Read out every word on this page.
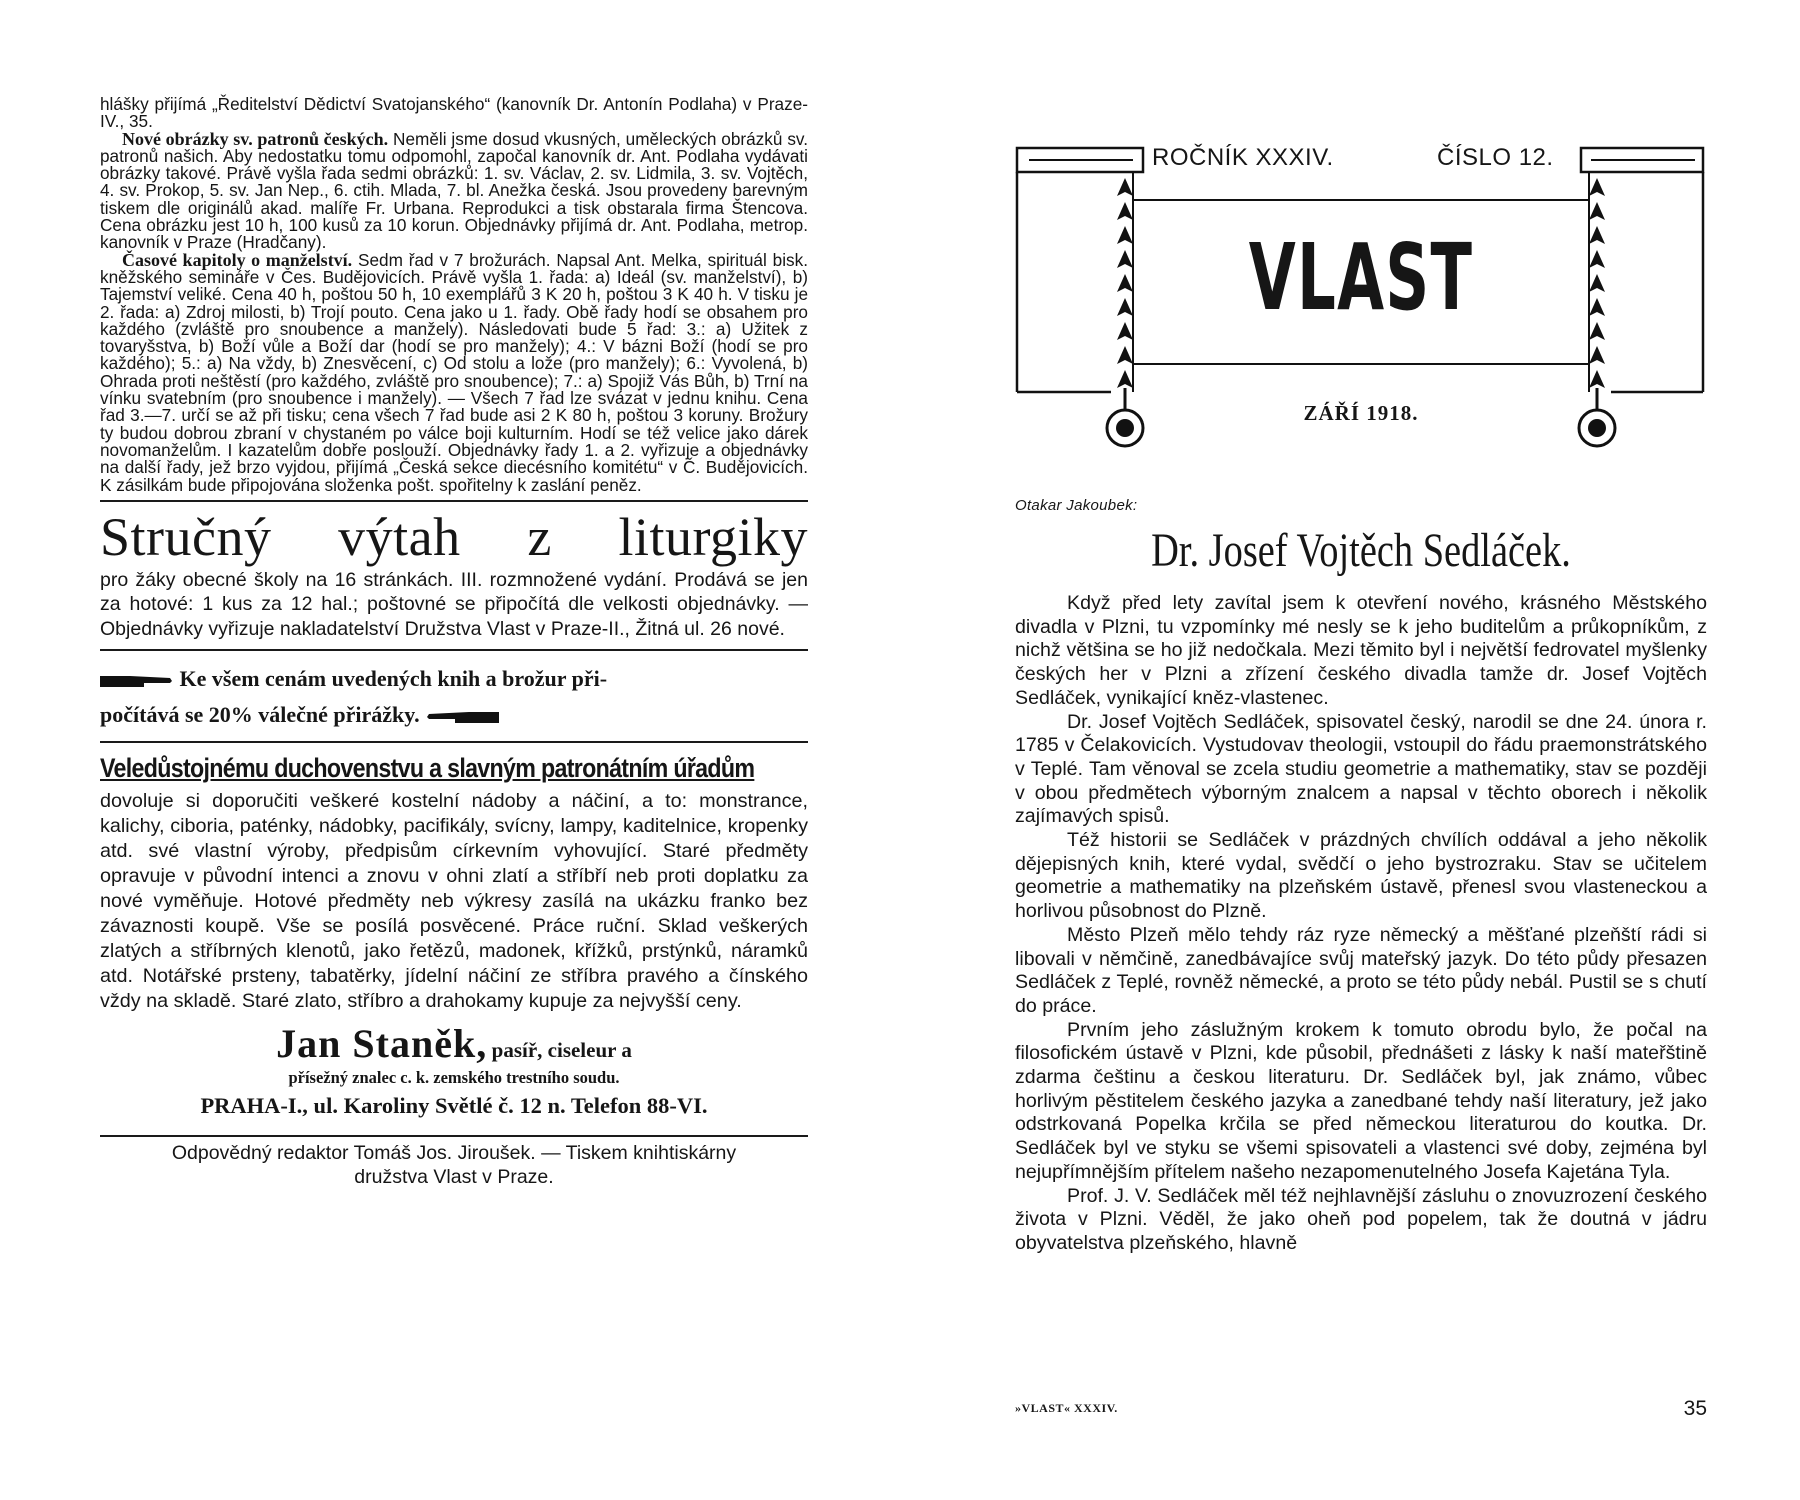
hlášky přijímá „Ředitelství Dědictví Svatojanského“ (kanovník Dr. Antonín Podlaha) v Praze-IV., 35.
Nové obrázky sv. patronů českých. Neměli jsme dosud vkusných, uměleckých obrázků sv. patronů našich. Aby nedostatku tomu odpomohl, započal kanovník dr. Ant. Podlaha vydávati obrázky takové. Právě vyšla řada sedmi obrázků: 1. sv. Václav, 2. sv. Lidmila, 3. sv. Vojtěch, 4. sv. Prokop, 5. sv. Jan Nep., 6. ctih. Mlada, 7. bl. Anežka česká. Jsou provedeny barevným tiskem dle originálů akad. malíře Fr. Urbana. Reprodukci a tisk obstarala firma Štencova. Cena obrázku jest 10 h, 100 kusů za 10 korun. Objednávky přijímá dr. Ant. Podlaha, metrop. kanovník v Praze (Hradčany).
Časové kapitoly o manželství. Sedm řad v 7 brožurách. Napsal Ant. Melka, spirituál bisk. kněžského semináře v Čes. Budějovicích. Právě vyšla 1. řada: a) Ideál (sv. manželství), b) Tajemství veliké. Cena 40 h, poštou 50 h, 10 exemplářů 3 K 20 h, poštou 3 K 40 h. V tisku je 2. řada: a) Zdroj milosti, b) Trojí pouto. Cena jako u 1. řady. Obě řady hodí se obsahem pro každého (zvláště pro snoubence a manžely). Následovati bude 5 řad: 3.: a) Užitek z tovaryšstva, b) Boží vůle a Boží dar (hodí se pro manžely); 4.: V bázni Boží (hodí se pro každého); 5.: a) Na vždy, b) Znesvěcení, c) Od stolu a lože (pro manžely); 6.: Vyvolená, b) Ohrada proti neštěstí (pro každého, zvláště pro snoubence); 7.: a) Spojiž Vás Bůh, b) Trní na vínku svatebním (pro snoubence i manžely). — Všech 7 řad lze svázat v jednu knihu. Cena řad 3.—7. určí se až při tisku; cena všech 7 řad bude asi 2 K 80 h, poštou 3 koruny. Brožury ty budou dobrou zbraní v chystaném po válce boji kulturním. Hodí se též velice jako dárek novomanželům. I kazatelům dobře poslouží. Objednávky řady 1. a 2. vyřizuje a objednávky na další řady, jež brzo vyjdou, přijímá „Česká sekce diecésního komitétu“ v Č. Budějovicích. K zásilkám bude připojována složenka pošt. spořitelny k zaslání peněz.
Stručný výtah z liturgiky
pro žáky obecné školy na 16 stránkách. III. rozmnožené vydání. Prodává se jen za hotové: 1 kus za 12 hal.; poštovné se připočítá dle velkosti objednávky. — Objednávky vyřizuje nakladatelství Družstva Vlast v Praze-II., Žitná ul. 26 nové.
Ke všem cenám uvedených knih a brožur při-
počítává se 20% válečné přirážky.
Veledůstojnému duchovenstvu a slavným patronátním úřadům
dovoluje si doporučiti veškeré kostelní nádoby a náčiní, a to: monstrance, kalichy, ciboria, paténky, nádobky, pacifikály, svícny, lampy, kaditelnice, kropenky atd. své vlastní výroby, předpisům církevním vyhovující. Staré předměty opravuje v původní intenci a znovu v ohni zlatí a stříbří neb proti doplatku za nové vyměňuje. Hotové předměty neb výkresy zasílá na ukázku franko bez závaznosti koupě. Vše se posílá posvěcené. Práce ruční. Sklad veškerých zlatých a stříbrných klenotů, jako řetězů, madonek, křížků, prstýnků, náramků atd. Notářské prsteny, tabatěrky, jídelní náčiní ze stříbra pravého a čínského vždy na skladě. Staré zlato, stříbro a drahokamy kupuje za nejvyšší ceny.
Jan Staněk, pasíř, ciseleur a
přísežný znalec c. k. zemského trestního soudu.
PRAHA-I., ul. Karoliny Světlé č. 12 n. Telefon 88-VI.
Odpovědný redaktor Tomáš Jos. Jiroušek. — Tiskem knihtiskárny
družstva Vlast v Praze.
ROČNÍK XXXIV.	ČÍSLO 12.
VLAST
ZÁŘÍ 1918.
Otakar Jakoubek:
Dr. Josef Vojtěch Sedláček.
Když před lety zavítal jsem k otevření nového, krásného Městského divadla v Plzni, tu vzpomínky mé nesly se k jeho buditelům a průkopníkům, z nichž většina se ho již nedočkala. Mezi těmito byl i největší fedrovatel myšlenky českých her v Plzni a zřízení českého divadla tamže dr. Josef Vojtěch Sedláček, vynikající kněz-vlastenec.
Dr. Josef Vojtěch Sedláček, spisovatel český, narodil se dne 24. února r. 1785 v Čelakovicích. Vystudovav theologii, vstoupil do řádu praemonstrátského v Teplé. Tam věnoval se zcela studiu geometrie a mathematiky, stav se později v obou předmětech výborným znalcem a napsal v těchto oborech i několik zajímavých spisů.
Též historii se Sedláček v prázdných chvílích oddával a jeho několik dějepisných knih, které vydal, svědčí o jeho bystrozraku. Stav se učitelem geometrie a mathematiky na plzeňském ústavě, přenesl svou vlasteneckou a horlivou působnost do Plzně.
Město Plzeň mělo tehdy ráz ryze německý a měšťané plzeňští rádi si libovali v němčině, zanedbávajíce svůj mateřský jazyk. Do této půdy přesazen Sedláček z Teplé, rovněž německé, a proto se této půdy nebál. Pustil se s chutí do práce.
Prvním jeho záslužným krokem k tomuto obrodu bylo, že počal na filosofickém ústavě v Plzni, kde působil, přednášeti z lásky k naší mateřštině zdarma češtinu a českou literaturu. Dr. Sedláček byl, jak známo, vůbec horlivým pěstitelem českého jazyka a zanedbané tehdy naší literatury, jež jako odstrkovaná Popelka krčila se před německou literaturou do koutka. Dr. Sedláček byl ve styku se všemi spisovateli a vlastenci své doby, zejména byl nejupřímnějším přítelem našeho nezapomenutelného Josefa Kajetána Tyla.
Prof. J. V. Sedláček měl též nejhlavnější zásluhu o znovuzrození českého života v Plzni. Věděl, že jako oheň pod popelem, tak že doutná v jádru obyvatelstva plzeňského, hlavně
»VLAST« XXXIV.	35
